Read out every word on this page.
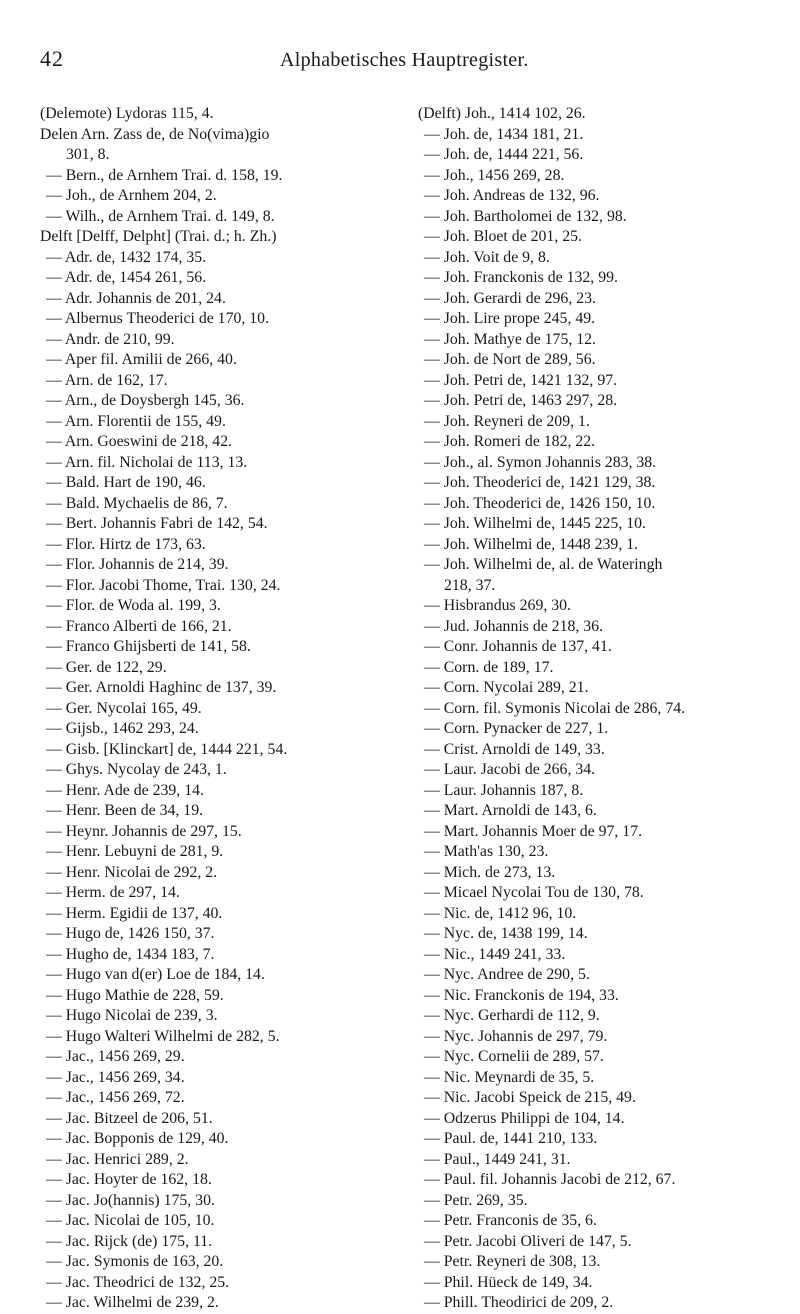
42	Alphabetisches Hauptregister.
(Delemote) Lydoras 115, 4.
Delen Arn. Zass de, de No(vima)gio
301, 8.
— Bern., de Arnhem Trai. d. 158, 19.
— Joh., de Arnhem 204, 2.
— Wilh., de Arnhem Trai. d. 149, 8.
Delft [Delff, Delpht] (Trai. d.; h. Zh.)
— Adr. de, 1432 174, 35.
— Adr. de, 1454 261, 56.
— Adr. Johannis de 201, 24.
— Albernus Theoderici de 170, 10.
— Andr. de 210, 99.
— Aper fil. Amilii de 266, 40.
— Arn. de 162, 17.
— Arn., de Doysbergh 145, 36.
— Arn. Florentii de 155, 49.
— Arn. Goeswini de 218, 42.
— Arn. fil. Nicholai de 113, 13.
— Bald. Hart de 190, 46.
— Bald. Mychaelis de 86, 7.
— Bert. Johannis Fabri de 142, 54.
— Flor. Hirtz de 173, 63.
— Flor. Johannis de 214, 39.
— Flor. Jacobi Thome, Trai. 130, 24.
— Flor. de Woda al. 199, 3.
— Franco Alberti de 166, 21.
— Franco Ghijsberti de 141, 58.
— Ger. de 122, 29.
— Ger. Arnoldi Haghinc de 137, 39.
— Ger. Nycolai 165, 49.
— Gijsb., 1462 293, 24.
— Gisb. [Klinckart] de, 1444 221, 54.
— Ghys. Nycolay de 243, 1.
— Henr. Ade de 239, 14.
— Henr. Been de 34, 19.
— Heynr. Johannis de 297, 15.
— Henr. Lebuyni de 281, 9.
— Henr. Nicolai de 292, 2.
— Herm. de 297, 14.
— Herm. Egidii de 137, 40.
— Hugo de, 1426 150, 37.
— Hugho de, 1434 183, 7.
— Hugo van d(er) Loe de 184, 14.
— Hugo Mathie de 228, 59.
— Hugo Nicolai de 239, 3.
— Hugo Walteri Wilhelmi de 282, 5.
— Jac., 1456 269, 29.
— Jac., 1456 269, 34.
— Jac., 1456 269, 72.
— Jac. Bitzeel de 206, 51.
— Jac. Bopponis de 129, 40.
— Jac. Henrici 289, 2.
— Jac. Hoyter de 162, 18.
— Jac. Jo(hannis) 175, 30.
— Jac. Nicolai de 105, 10.
— Jac. Rijck (de) 175, 11.
— Jac. Symonis de 163, 20.
— Jac. Theodrici de 132, 25.
— Jac. Wilhelmi de 239, 2.
(Delft) Joh., 1414 102, 26.
— Joh. de, 1434 181, 21.
— Joh. de, 1444 221, 56.
— Joh., 1456 269, 28.
— Joh. Andreas de 132, 96.
— Joh. Bartholomei de 132, 98.
— Joh. Bloet de 201, 25.
— Joh. Voit de 9, 8.
— Joh. Franckonis de 132, 99.
— Joh. Gerardi de 296, 23.
— Joh. Lire prope 245, 49.
— Joh. Mathye de 175, 12.
— Joh. de Nort de 289, 56.
— Joh. Petri de, 1421 132, 97.
— Joh. Petri de, 1463 297, 28.
— Joh. Reyneri de 209, 1.
— Joh. Romeri de 182, 22.
— Joh., al. Symon Johannis 283, 38.
— Joh. Theoderici de, 1421 129, 38.
— Joh. Theoderici de, 1426 150, 10.
— Joh. Wilhelmi de, 1445 225, 10.
— Joh. Wilhelmi de, 1448 239, 1.
— Joh. Wilhelmi de, al. de Wateringh
218, 37.
— Hisbrandus 269, 30.
— Jud. Johannis de 218, 36.
— Conr. Johannis de 137, 41.
— Corn. de 189, 17.
— Corn. Nycolai 289, 21.
— Corn. fil. Symonis Nicolai de 286, 74.
— Corn. Pynacker de 227, 1.
— Crist. Arnoldi de 149, 33.
— Laur. Jacobi de 266, 34.
— Laur. Johannis 187, 8.
— Mart. Arnoldi de 143, 6.
— Mart. Johannis Moer de 97, 17.
— Math'as 130, 23.
— Mich. de 273, 13.
— Micael Nycolai Tou de 130, 78.
— Nic. de, 1412 96, 10.
— Nyc. de, 1438 199, 14.
— Nic., 1449 241, 33.
— Nyc. Andree de 290, 5.
— Nic. Franckonis de 194, 33.
— Nyc. Gerhardi de 112, 9.
— Nyc. Johannis de 297, 79.
— Nyc. Cornelii de 289, 57.
— Nic. Meynardi de 35, 5.
— Nic. Jacobi Speick de 215, 49.
— Odzerus Philippi de 104, 14.
— Paul. de, 1441 210, 133.
— Paul., 1449 241, 31.
— Paul. fil. Johannis Jacobi de 212, 67.
— Petr. 269, 35.
— Petr. Franconis de 35, 6.
— Petr. Jacobi Oliveri de 147, 5.
— Petr. Reyneri de 308, 13.
— Phil. Hüeck de 149, 34.
— Phill. Theodirici de 209, 2.
